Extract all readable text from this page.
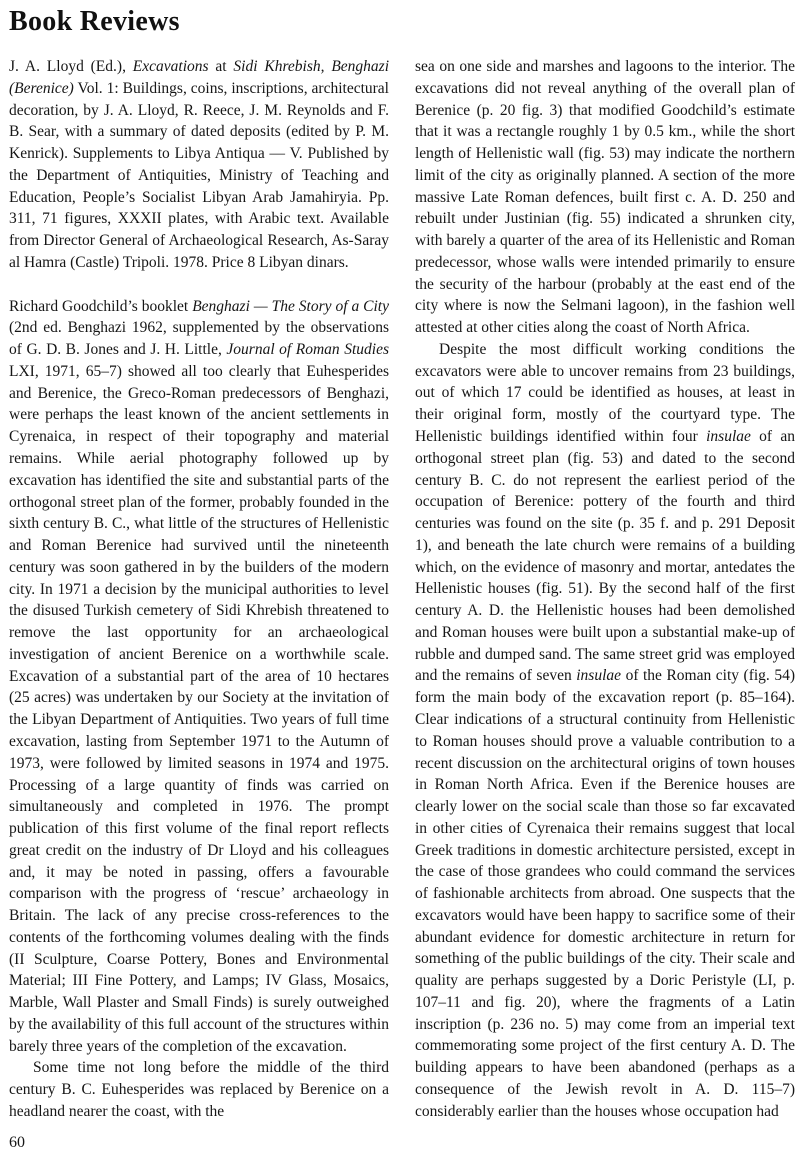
Book Reviews

J. A. Lloyd (Ed.), Excavations at Sidi Khrebish, Benghazi (Berenice) Vol. 1: Buildings, coins, inscriptions, architectural decoration, by J. A. Lloyd, R. Reece, J. M. Reynolds and F. B. Sear, with a summary of dated deposits (edited by P. M. Kenrick). Supplements to Libya Antiqua — V. Published by the Department of Antiquities, Ministry of Teaching and Education, People’s Socialist Libyan Arab Jamahiryia. Pp. 311, 71 figures, XXXII plates, with Arabic text. Available from Director General of Archaeological Research, As-Saray al Hamra (Castle) Tripoli. 1978. Price 8 Libyan dinars.

Richard Goodchild’s booklet Benghazi — The Story of a City (2nd ed. Benghazi 1962, supplemented by the observations of G. D. B. Jones and J. H. Little, Journal of Roman Studies LXI, 1971, 65–7) showed all too clearly that Euhesperides and Berenice, the Greco-Roman predecessors of Benghazi, were perhaps the least known of the ancient settlements in Cyrenaica, in respect of their topography and material remains. While aerial photography followed up by excavation has identified the site and substantial parts of the orthogonal street plan of the former, probably founded in the sixth century B. C., what little of the structures of Hellenistic and Roman Berenice had survived until the nineteenth century was soon gathered in by the builders of the modern city. In 1971 a decision by the municipal authorities to level the disused Turkish cemetery of Sidi Khrebish threatened to remove the last opportunity for an archaeological investigation of ancient Berenice on a worthwhile scale. Excavation of a substantial part of the area of 10 hectares (25 acres) was undertaken by our Society at the invitation of the Libyan Department of Antiquities. Two years of full time excavation, lasting from September 1971 to the Autumn of 1973, were followed by limited seasons in 1974 and 1975. Processing of a large quantity of finds was carried on simultaneously and completed in 1976. The prompt publication of this first volume of the final report reflects great credit on the industry of Dr Lloyd and his colleagues and, it may be noted in passing, offers a favourable comparison with the progress of ‘rescue’ archaeology in Britain. The lack of any precise cross-references to the contents of the forthcoming volumes dealing with the finds (II Sculpture, Coarse Pottery, Bones and Environmental Material; III Fine Pottery, and Lamps; IV Glass, Mosaics, Marble, Wall Plaster and Small Finds) is surely outweighed by the availability of this full account of the structures within barely three years of the completion of the excavation.

Some time not long before the middle of the third century B. C. Euhesperides was replaced by Berenice on a headland nearer the coast, with the

sea on one side and marshes and lagoons to the interior. The excavations did not reveal anything of the overall plan of Berenice (p. 20 fig. 3) that modified Goodchild’s estimate that it was a rectangle roughly 1 by 0.5 km., while the short length of Hellenistic wall (fig. 53) may indicate the northern limit of the city as originally planned. A section of the more massive Late Roman defences, built first c. A. D. 250 and rebuilt under Justinian (fig. 55) indicated a shrunken city, with barely a quarter of the area of its Hellenistic and Roman predecessor, whose walls were intended primarily to ensure the security of the harbour (probably at the east end of the city where is now the Selmani lagoon), in the fashion well attested at other cities along the coast of North Africa.

Despite the most difficult working conditions the excavators were able to uncover remains from 23 buildings, out of which 17 could be identified as houses, at least in their original form, mostly of the courtyard type. The Hellenistic buildings identified within four insulae of an orthogonal street plan (fig. 53) and dated to the second century B. C. do not represent the earliest period of the occupation of Berenice: pottery of the fourth and third centuries was found on the site (p. 35 f. and p. 291 Deposit 1), and beneath the late church were remains of a building which, on the evidence of masonry and mortar, antedates the Hellenistic houses (fig. 51). By the second half of the first century A. D. the Hellenistic houses had been demolished and Roman houses were built upon a substantial make-up of rubble and dumped sand. The same street grid was employed and the remains of seven insulae of the Roman city (fig. 54) form the main body of the excavation report (p. 85–164). Clear indications of a structural continuity from Hellenistic to Roman houses should prove a valuable contribution to a recent discussion on the architectural origins of town houses in Roman North Africa. Even if the Berenice houses are clearly lower on the social scale than those so far excavated in other cities of Cyrenaica their remains suggest that local Greek traditions in domestic architecture persisted, except in the case of those grandees who could command the services of fashionable architects from abroad. One suspects that the excavators would have been happy to sacrifice some of their abundant evidence for domestic architecture in return for something of the public buildings of the city. Their scale and quality are perhaps suggested by a Doric Peristyle (LI, p. 107–11 and fig. 20), where the fragments of a Latin inscription (p. 236 no. 5) may come from an imperial text commemorating some project of the first century A. D. The building appears to have been abandoned (perhaps as a consequence of the Jewish revolt in A. D. 115–7) considerably earlier than the houses whose occupation had

60
